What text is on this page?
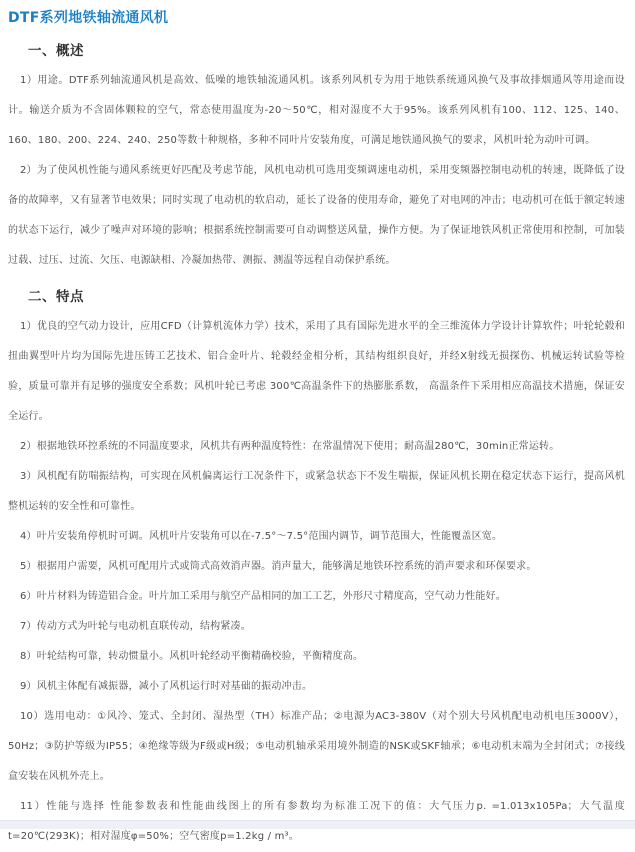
DTF系列地铁轴流通风机
一、概述

1）用途。DTF系列轴流通风机是高效、低噪的地铁轴流通风机。该系列风机专为用于地铁系统通风换气及事故排烟通风等用途而设计。输送介质为不含固体颗粒的空气，常态使用温度为-20～50℃，相对湿度不大于95%。该系列风机有100、112、125、140、160、180、200、224、240、250等数十种规格，多种不同叶片安装角度，可满足地铁通风换气的要求，风机叶轮为动叶可调。

2）为了使风机性能与通风系统更好匹配及考虑节能，风机电动机可选用变频调速电动机，采用变频器控制电动机的转速，既降低了设备的故障率，又有显著节电效果；同时实现了电动机的软启动，延长了设备的使用寿命，避免了对电网的冲击；电动机可在低于额定转速的状态下运行，减少了噪声对环境的影响；根据系统控制需要可自动调整送风量，操作方便。为了保证地铁风机正常使用和控制，可加装过载、过压、过流、欠压、电源缺相、冷凝加热带、测振、测温等远程自动保护系统。

二、特点

1）优良的空气动力设计，应用CFD（计算机流体力学）技术，采用了具有国际先进水平的全三维流体力学设计计算软件；叶轮轮毂和扭曲翼型叶片均为国际先进压铸工艺技术、铝合金叶片、轮毂经金相分析，其结构组织良好，并经X射线无损探伤、机械运转试验等检验，质量可靠并有足够的强度安全系数；风机叶轮已考虑 300℃高温条件下的热膨胀系数， 高温条件下采用相应高温技术措施，保证安全运行。

2）根据地铁环控系统的不同温度要求，风机共有两种温度特性：在常温情况下使用；耐高温280℃，30min正常运转。

3）风机配有防喘振结构，可实现在风机偏离运行工况条件下，或紧急状态下不发生喘振，保证风机长期在稳定状态下运行，提高风机整机运转的安全性和可靠性。

4）叶片安装角停机时可调。风机叶片安装角可以在-7.5°～7.5°范围内调节，调节范围大，性能覆盖区宽。

5）根据用户需要，风机可配用片式或筒式高效消声器。消声量大，能够满足地铁环控系统的消声要求和环保要求。

6）叶片材料为铸造铝合金。叶片加工采用与航空产品相同的加工工艺，外形尺寸精度高，空气动力性能好。

7）传动方式为叶轮与电动机直联传动，结构紧凑。

8）叶轮结构可靠，转动惯量小。风机叶轮经动平衡精确校验，平衡精度高。

9）风机主体配有减振器，减小了风机运行时对基础的振动冲击。

10）选用电动：①风冷、笼式、全封闭、湿热型（TH）标准产品；②电源为AC3-380V（对个别大号风机配电动机电压3000V），50Hz；③防护等级为IP55；④绝缘等级为F级或H级；⑤电动机轴承采用境外制造的NSK或SKF轴承；⑥电动机末端为全封闭式；⑦接线盒安装在风机外壳上。

11）性能与选择 性能参数表和性能曲线图上的所有参数均为标准工况下的值：大气压力p. =1.013x105Pa；大气温度t=20℃(293K)；相对湿度φ=50%；空气密度p=1.2kg / m³。
